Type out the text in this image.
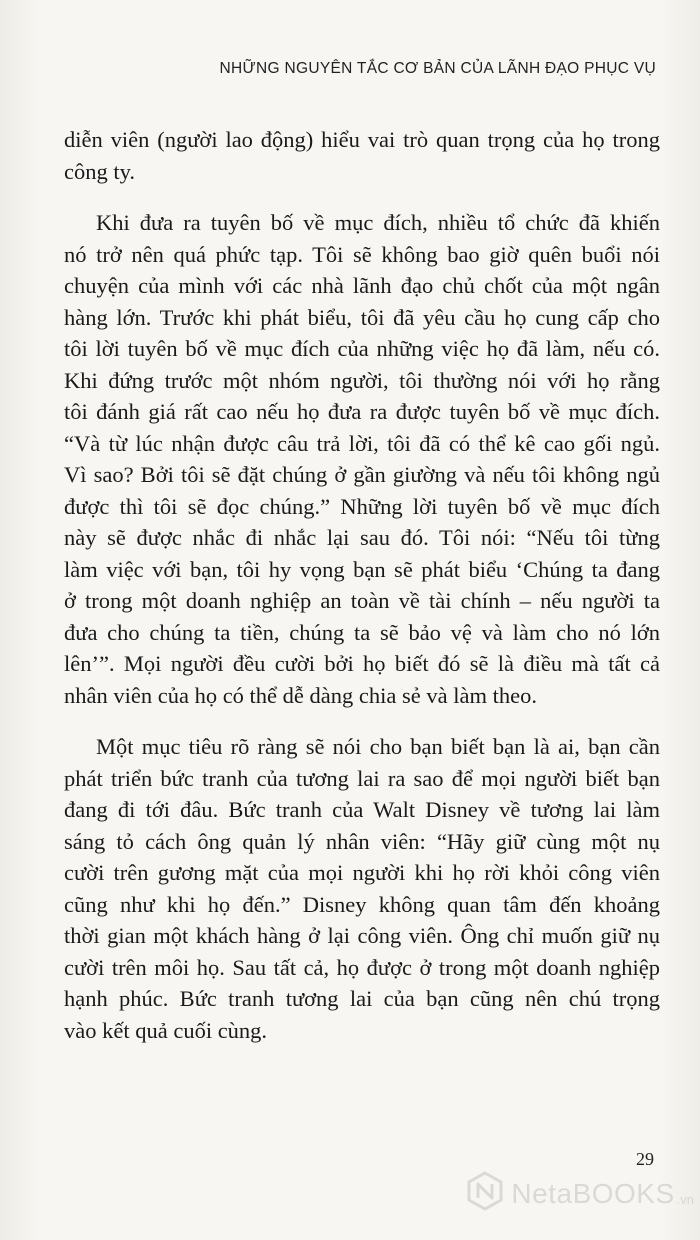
NHỮNG NGUYÊN TẮC CƠ BẢN CỦA LÃNH ĐẠO PHỤC VỤ
diễn viên (người lao động) hiểu vai trò quan trọng của họ trong
công ty.
Khi đưa ra tuyên bố về mục đích, nhiều tổ chức đã khiến
nó trở nên quá phức tạp. Tôi sẽ không bao giờ quên buổi nói
chuyện của mình với các nhà lãnh đạo chủ chốt của một ngân
hàng lớn. Trước khi phát biểu, tôi đã yêu cầu họ cung cấp cho
tôi lời tuyên bố về mục đích của những việc họ đã làm, nếu có.
Khi đứng trước một nhóm người, tôi thường nói với họ rằng
tôi đánh giá rất cao nếu họ đưa ra được tuyên bố về mục đích.
“Và từ lúc nhận được câu trả lời, tôi đã có thể kê cao gối ngủ.
Vì sao? Bởi tôi sẽ đặt chúng ở gần giường và nếu tôi không ngủ
được thì tôi sẽ đọc chúng.” Những lời tuyên bố về mục đích
này sẽ được nhắc đi nhắc lại sau đó. Tôi nói: “Nếu tôi từng
làm việc với bạn, tôi hy vọng bạn sẽ phát biểu ‘Chúng ta đang
ở trong một doanh nghiệp an toàn về tài chính – nếu người ta
đưa cho chúng ta tiền, chúng ta sẽ bảo vệ và làm cho nó lớn
lên’”. Mọi người đều cười bởi họ biết đó sẽ là điều mà tất cả
nhân viên của họ có thể dễ dàng chia sẻ và làm theo.
Một mục tiêu rõ ràng sẽ nói cho bạn biết bạn là ai, bạn cần
phát triển bức tranh của tương lai ra sao để mọi người biết bạn
đang đi tới đâu. Bức tranh của Walt Disney về tương lai làm
sáng tỏ cách ông quản lý nhân viên: “Hãy giữ cùng một nụ
cười trên gương mặt của mọi người khi họ rời khỏi công viên
cũng như khi họ đến.” Disney không quan tâm đến khoảng
thời gian một khách hàng ở lại công viên. Ông chỉ muốn giữ nụ
cười trên môi họ. Sau tất cả, họ được ở trong một doanh nghiệp
hạnh phúc. Bức tranh tương lai của bạn cũng nên chú trọng
vào kết quả cuối cùng.
29
NetaBOOKS .vn
